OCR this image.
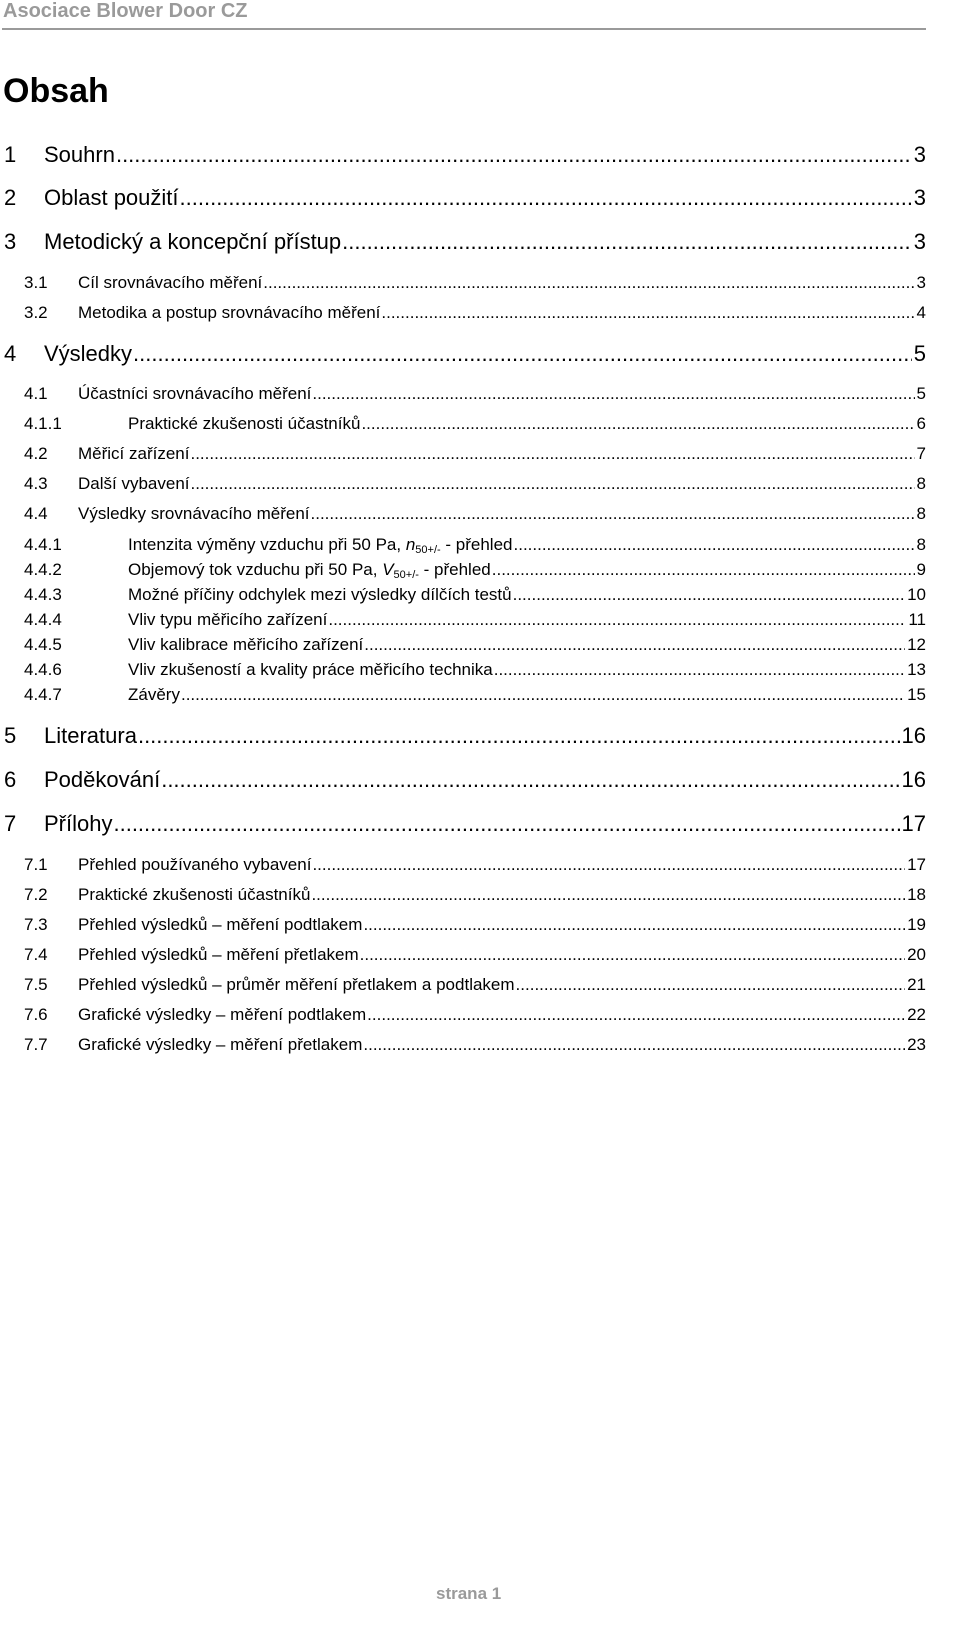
Asociace Blower Door CZ
Obsah
1	Souhrn .....	3
2	Oblast použití .....	3
3	Metodický a koncepční přístup .....	3
3.1	Cíl srovnávacího měření .....	3
3.2	Metodika a postup srovnávacího měření .....	4
4	Výsledky .....	5
4.1	Účastníci srovnávacího měření .....	5
4.1.1	Praktické zkušenosti účastníků .....	6
4.2	Měřicí zařízení .....	7
4.3	Další vybavení .....	8
4.4	Výsledky srovnávacího měření .....	8
4.4.1	Intenzita výměny vzduchu při 50 Pa, $n_{50+/-}$ - přehled .....	8
4.4.2	Objemový tok vzduchu při 50 Pa, $V_{50+/-}$ - přehled .....	9
4.4.3	Možné příčiny odchylek mezi výsledky dílčích testů .....	10
4.4.4	Vliv typu měřicího zařízení .....	11
4.4.5	Vliv kalibrace měřicího zařízení .....	12
4.4.6	Vliv zkušeností a kvality práce měřicího technika .....	13
4.4.7	Závěry .....	15
5	Literatura .....	16
6	Poděkování .....	16
7	Přílohy .....	17
7.1	Přehled používaného vybavení .....	17
7.2	Praktické zkušenosti účastníků .....	18
7.3	Přehled výsledků – měření podtlakem .....	19
7.4	Přehled výsledků – měření přetlakem .....	20
7.5	Přehled výsledků – průměr měření přetlakem a podtlakem .....	21
7.6	Grafické výsledky – měření podtlakem .....	22
7.7	Grafické výsledky – měření přetlakem .....	23
strana 1
